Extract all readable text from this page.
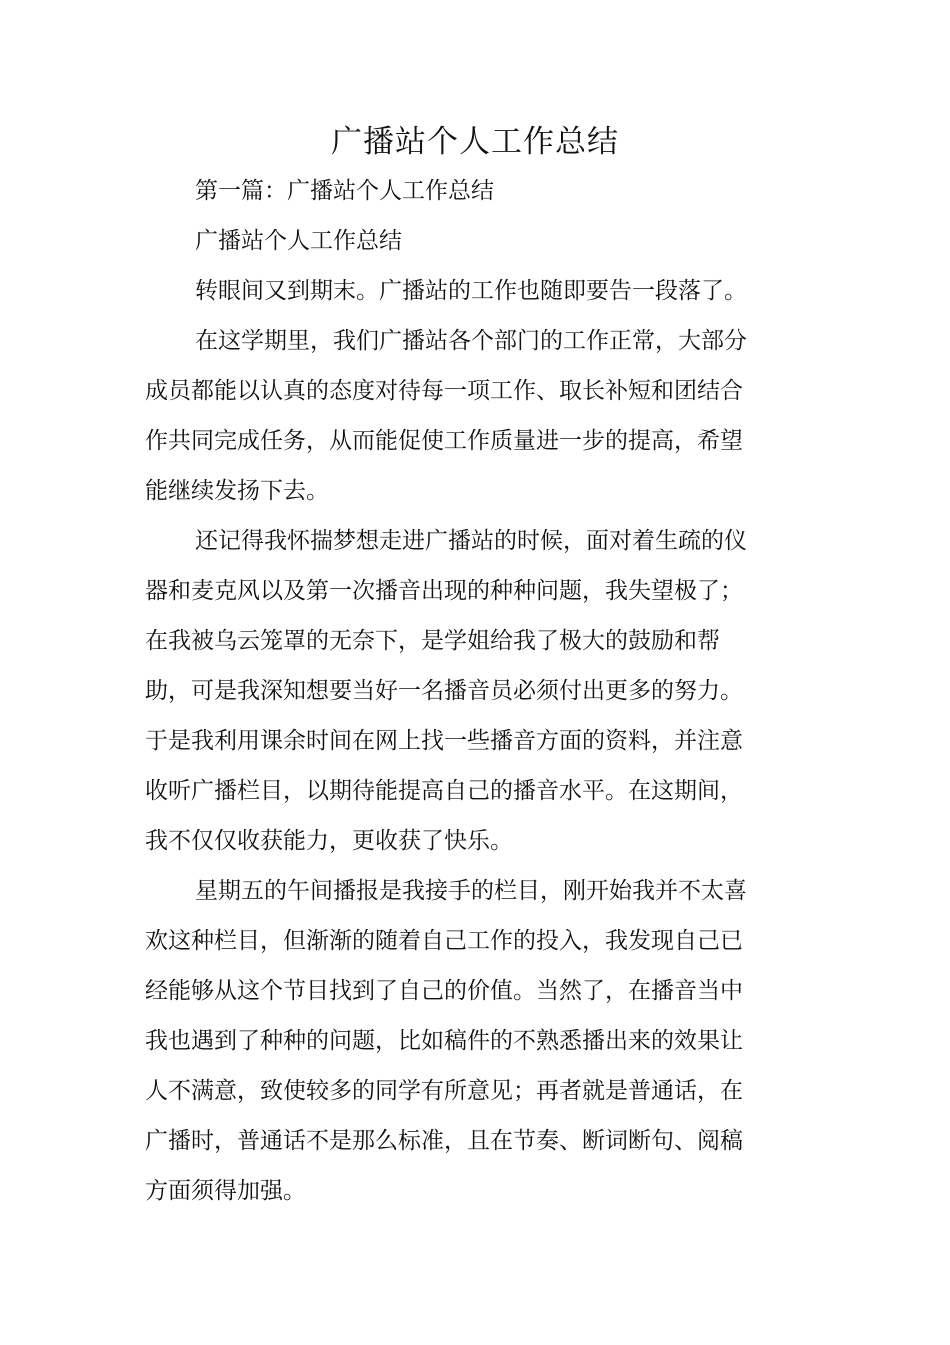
广播站个人工作总结

第一篇：广播站个人工作总结

广播站个人工作总结

转眼间又到期末。广播站的工作也随即要告一段落了。

在这学期里，我们广播站各个部门的工作正常，大部分

成员都能以认真的态度对待每一项工作、取长补短和团结合

作共同完成任务，从而能促使工作质量进一步的提高，希望

能继续发扬下去。

还记得我怀揣梦想走进广播站的时候，面对着生疏的仪

器和麦克风以及第一次播音出现的种种问题，我失望极了；

在我被乌云笼罩的无奈下，是学姐给我了极大的鼓励和帮

助，可是我深知想要当好一名播音员必须付出更多的努力。

于是我利用课余时间在网上找一些播音方面的资料，并注意

收听广播栏目，以期待能提高自己的播音水平。在这期间，

我不仅仅收获能力，更收获了快乐。

星期五的午间播报是我接手的栏目，刚开始我并不太喜

欢这种栏目，但渐渐的随着自己工作的投入，我发现自己已

经能够从这个节目找到了自己的价值。当然了，在播音当中

我也遇到了种种的问题，比如稿件的不熟悉播出来的效果让

人不满意，致使较多的同学有所意见；再者就是普通话，在

广播时，普通话不是那么标准，且在节奏、断词断句、阅稿

方面须得加强。
